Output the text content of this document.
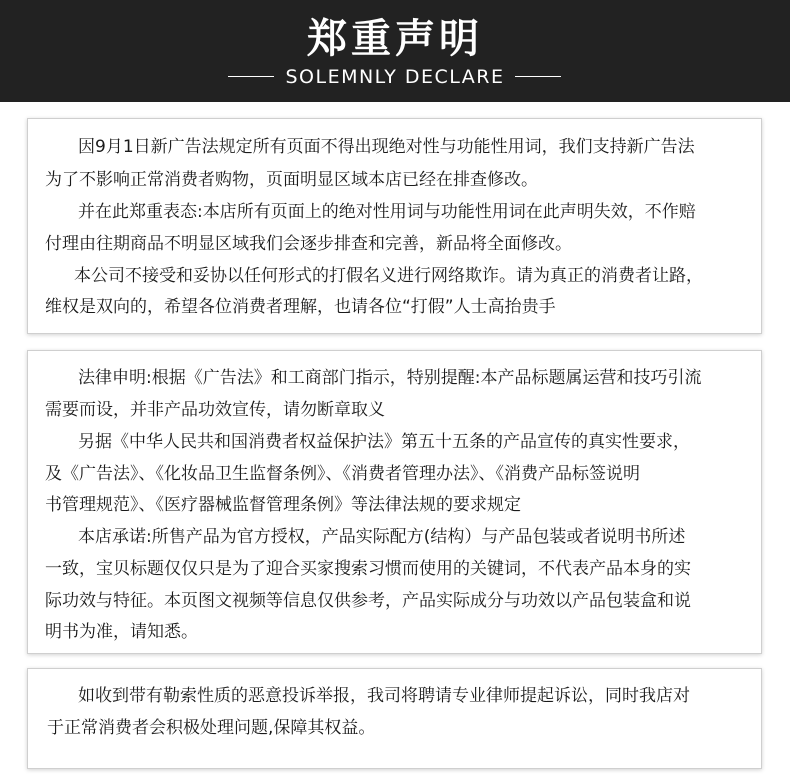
郑重声明
SOLEMNLY DECLARE
因9月1日新广告法规定所有页面不得出现绝对性与功能性用词，我们支持新广告法
为了不影响正常消费者购物，页面明显区域本店已经在排查修改。
并在此郑重表态:本店所有页面上的绝对性用词与功能性用词在此声明失效，不作赔
付理由往期商品不明显区域我们会逐步排查和完善，新品将全面修改。
本公司不接受和妥协以任何形式的打假名义进行网络欺诈。请为真正的消费者让路，
维权是双向的，希望各位消费者理解，也请各位“打假”人士高抬贵手
法律申明:根据《广告法》和工商部门指示，特别提醒:本产品标题属运营和技巧引流
需要而设，并非产品功效宣传，请勿断章取义
另据《中华人民共和国消费者权益保护法》第五十五条的产品宣传的真实性要求，
及《广告法》、《化妆品卫生监督条例》、《消费者管理办法》、《消费产品标签说明
书管理规范》、《医疗器械监督管理条例》等法律法规的要求规定
本店承诺:所售产品为官方授权，产品实际配方(结构）与产品包装或者说明书所述
一致，宝贝标题仅仅只是为了迎合买家搜索习惯而使用的关键词，不代表产品本身的实
际功效与特征。本页图文视频等信息仅供参考，产品实际成分与功效以产品包装盒和说
明书为准，请知悉。
如收到带有勒索性质的恶意投诉举报，我司将聘请专业律师提起诉讼，同时我店对
于正常消费者会积极处理问题,保障其权益。
